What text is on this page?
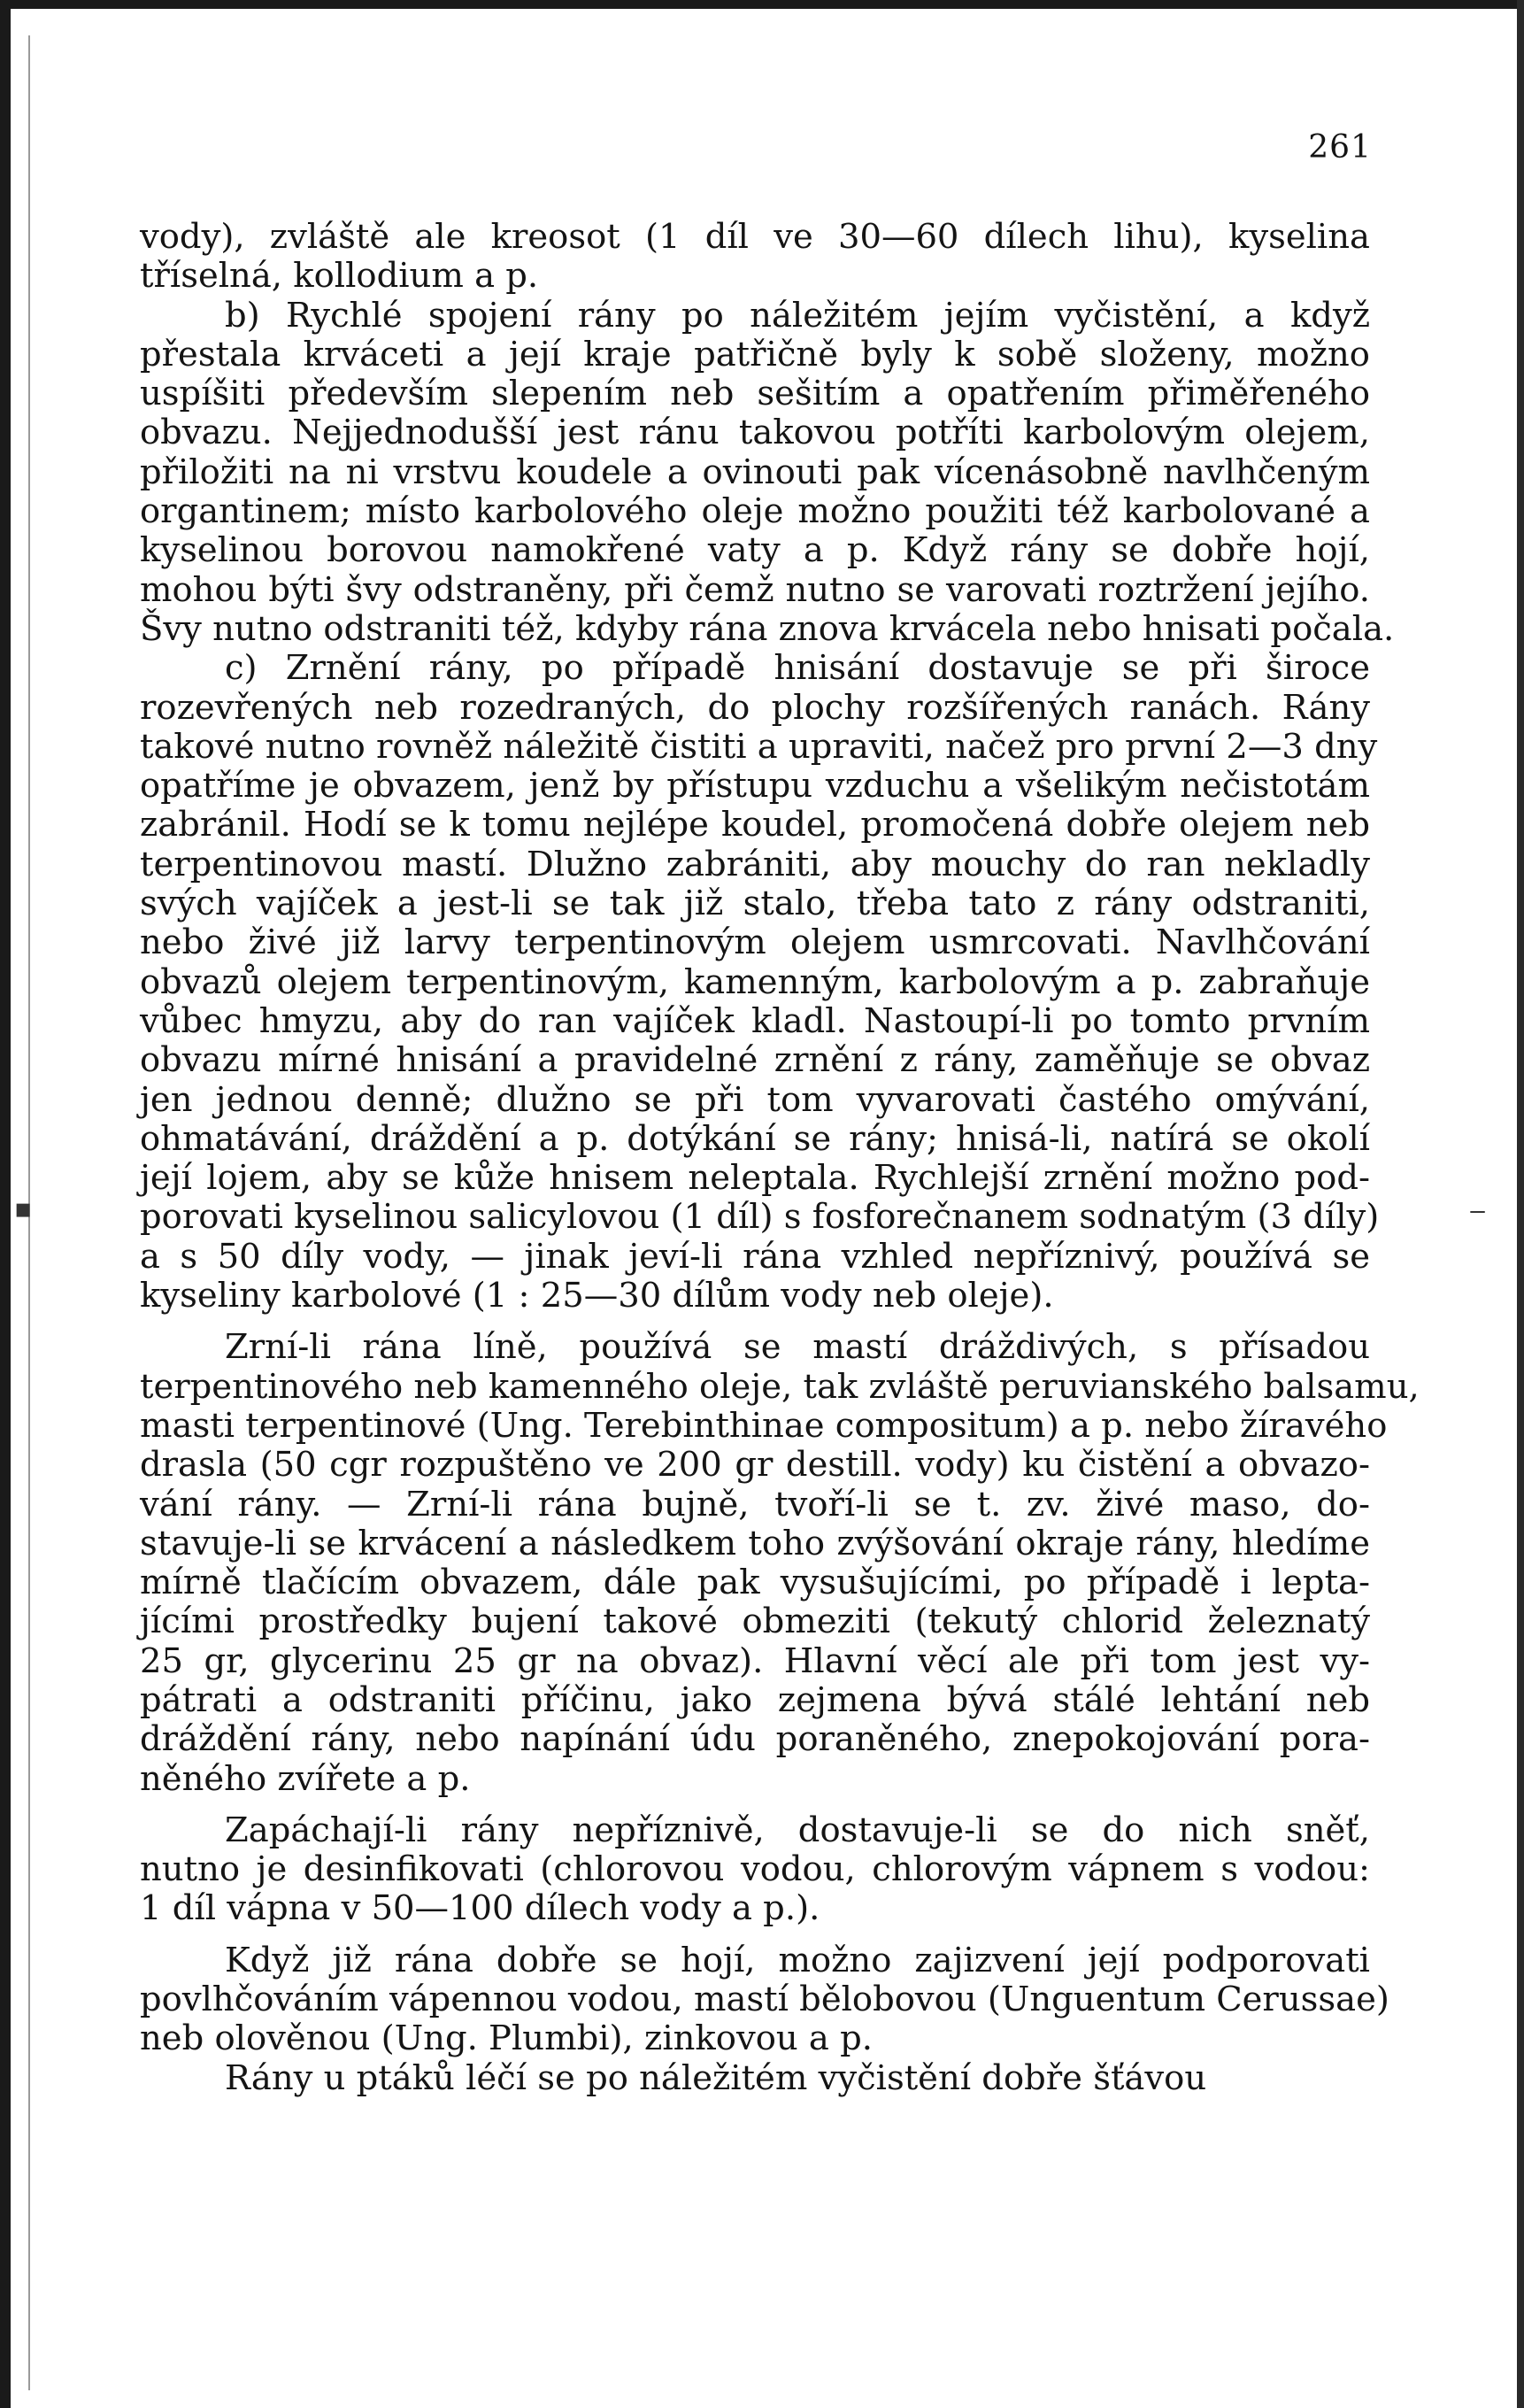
261
▪	‒
vody), zvláště ale kreosot (1 díl ve 30—60 dílech lihu), kyselina
tříselná, kollodium a p.
b) Rychlé spojení rány po náležitém jejím vyčistění, a když
přestala krváceti a její kraje patřičně byly k sobě složeny, možno
uspíšiti především slepením neb sešitím a opatřením přiměřeného
obvazu. Nejjednodušší jest ránu takovou potříti karbolovým olejem,
přiložiti na ni vrstvu koudele a ovinouti pak vícenásobně navlhčeným
organtinem; místo karbolového oleje možno použiti též karbolované a
kyselinou borovou namokřené vaty a p. Když rány se dobře hojí,
mohou býti švy odstraněny, při čemž nutno se varovati roztržení jejího.
Švy nutno odstraniti též, kdyby rána znova krvácela nebo hnisati počala.
c) Zrnění rány, po případě hnisání dostavuje se při široce
rozevřených neb rozedraných, do plochy rozšířených ranách. Rány
takové nutno rovněž náležitě čistiti a upraviti, načež pro první 2—3 dny
opatříme je obvazem, jenž by přístupu vzduchu a všelikým nečistotám
zabránil. Hodí se k tomu nejlépe koudel, promočená dobře olejem neb
terpentinovou mastí. Dlužno zabrániti, aby mouchy do ran nekladly
svých vajíček a jest-li se tak již stalo, třeba tato z rány odstraniti,
nebo živé již larvy terpentinovým olejem usmrcovati. Navlhčování
obvazů olejem terpentinovým, kamenným, karbolovým a p. zabraňuje
vůbec hmyzu, aby do ran vajíček kladl. Nastoupí-li po tomto prvním
obvazu mírné hnisání a pravidelné zrnění z rány, zaměňuje se obvaz
jen jednou denně; dlužno se při tom vyvarovati častého omývání,
ohmatávání, dráždění a p. dotýkání se rány; hnisá-li, natírá se okolí
její lojem, aby se kůže hnisem neleptala. Rychlejší zrnění možno pod-
porovati kyselinou salicylovou (1 díl) s fosforečnanem sodnatým (3 díly)
a s 50 díly vody, — jinak jeví-li rána vzhled nepříznivý, používá se
kyseliny karbolové (1 : 25—30 dílům vody neb oleje).
Zrní-li rána líně, používá se mastí dráždivých, s přísadou
terpentinového neb kamenného oleje, tak zvláště peruvianského balsamu,
masti terpentinové (Ung. Terebinthinae compositum) a p. nebo žíravého
drasla (50 cgr rozpuštěno ve 200 gr destill. vody) ku čistění a obvazo-
vání rány. — Zrní-li rána bujně, tvoří-li se t. zv. živé maso, do-
stavuje-li se krvácení a následkem toho zvýšování okraje rány, hledíme
mírně tlačícím obvazem, dále pak vysušujícími, po případě i lepta-
jícími prostředky bujení takové obmeziti (tekutý chlorid železnatý
25 gr, glycerinu 25 gr na obvaz). Hlavní věcí ale při tom jest vy-
pátrati a odstraniti příčinu, jako zejmena bývá stálé lehtání neb
dráždění rány, nebo napínání údu poraněného, znepokojování pora-
něného zvířete a p.
Zapáchají-li rány nepříznivě, dostavuje-li se do nich sněť,
nutno je desinfikovati (chlorovou vodou, chlorovým vápnem s vodou:
1 díl vápna v 50—100 dílech vody a p.).
Když již rána dobře se hojí, možno zajizvení její podporovati
povlhčováním vápennou vodou, mastí bělobovou (Unguentum Cerussae)
neb olověnou (Ung. Plumbi), zinkovou a p.
Rány u ptáků léčí se po náležitém vyčistění dobře šťávou
